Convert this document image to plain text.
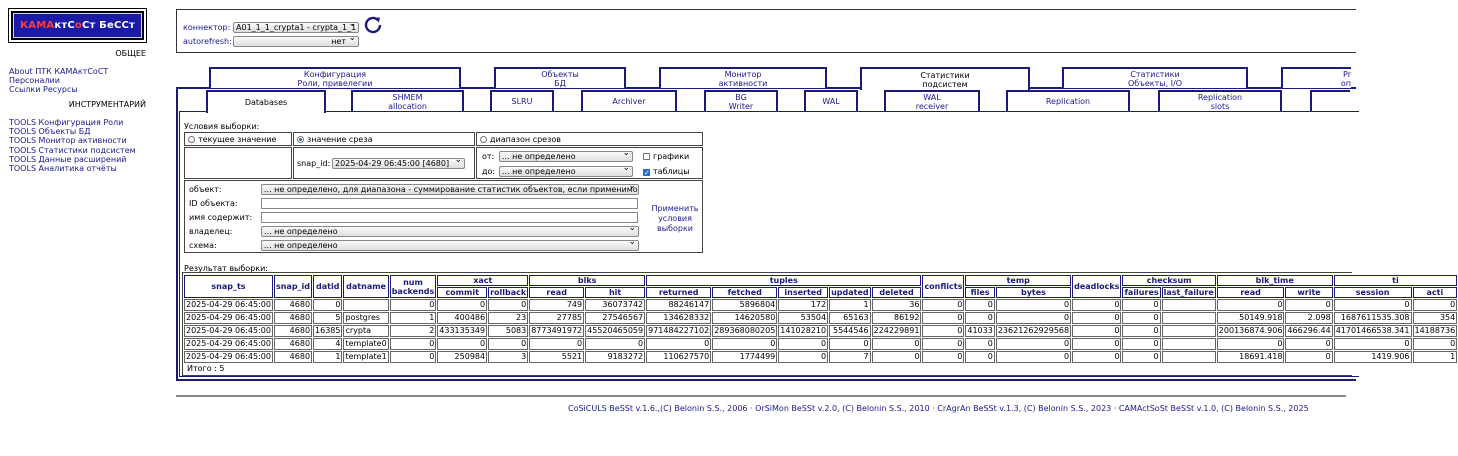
КАМА ктС о Ст БеССт
ОБЩЕЕ
About ПТК КАМАктСоСТ
Персоналии
Ссылки Ресурсы
ИНСТРУМЕНТАРИЙ
TOOLS Конфигурация Роли
TOOLS Объекты БД
TOOLS Монитор активности
TOOLS Статистики подсистем
TOOLS Данные расширений
TOOLS Аналитика отчёты
коннектор:
autorefresh:
A01_1_1_crypta1 - crypta_1_1 ⌄
нет ⌄
Конфигурация
Роли, привелегии
Объекты
БД
Монитор
активности
Статистики
подсистем
Статистики
Объекты, I/O
Pr
оп
Databases
SHMEM
allocation	SLRU	Archiver	BG
Writer	WAL	WAL
receiver	Replication	Replication
slots
Условия выборки:
текущее значение	значение среза	диапазон срезов
snap_id: 2025-04-29 06:45:00 [4680] ⌄
от: ... не определено ⌄
до: ... не определено ⌄
графики
✓ таблицы
объект:	... не определено, для диапазона - суммирование статистик объектов, если применимо ⌄
ID объекта:
имя содержит:
владелец:	... не определено ⌄
схема:	... не определено ⌄
Применить
условия
выборки
Результат выборки:
snap_ts	snap_id	datid	datname	num
backends	xact		blks		tuples					conflicts	temp		deadlocks	checksum		blk_time		ti	
					commit	rollback	read	hit	returned	fetched	inserted	updated	deleted		files	bytes		failures	last_failure	read	write	session	acti
2025-04-29 06:45:00	4680	0		0	0	0	749	36073742	88246147	5896804	172	1	36	0	0	0	0	0		0	0	0	0
2025-04-29 06:45:00	4680	5	postgres	1	400486	23	27785	27546567	134628332	14620580	53504	65163	86192	0	0	0	0	0		50149.918	2.098	1687611535.308	354
2025-04-29 06:45:00	4680	16385	crypta	2	433135349	5083	8773491972	45520465059	971484227102	289368080205	141028210	5544546	224229891	0	41033	23621262929568	0	0		200136874.906	466296.44	41701466538.341	14188736
2025-04-29 06:45:00	4680	4	template0	0	0	0	0	0	0	0	0	0	0	0	0	0	0	0		0	0	0	0
2025-04-29 06:45:00	4680	1	template1	0	250984	3	5521	9183272	110627570	1774499	0	7	0	0	0	0	0	0		18691.418	0	1419.906	1
Итого : 5
CoSiCULS BeSSt v.1.6.,(C) Belonin S.S., 2006 · OrSiMon BeSSt v.2.0, (C) Belonin S.S., 2010 · CrAgrAn BeSSt v.1.3, (C) Belonin S.S., 2023 · CAMActSoSt BeSSt v.1.0, (C) Belonin S.S., 2025
